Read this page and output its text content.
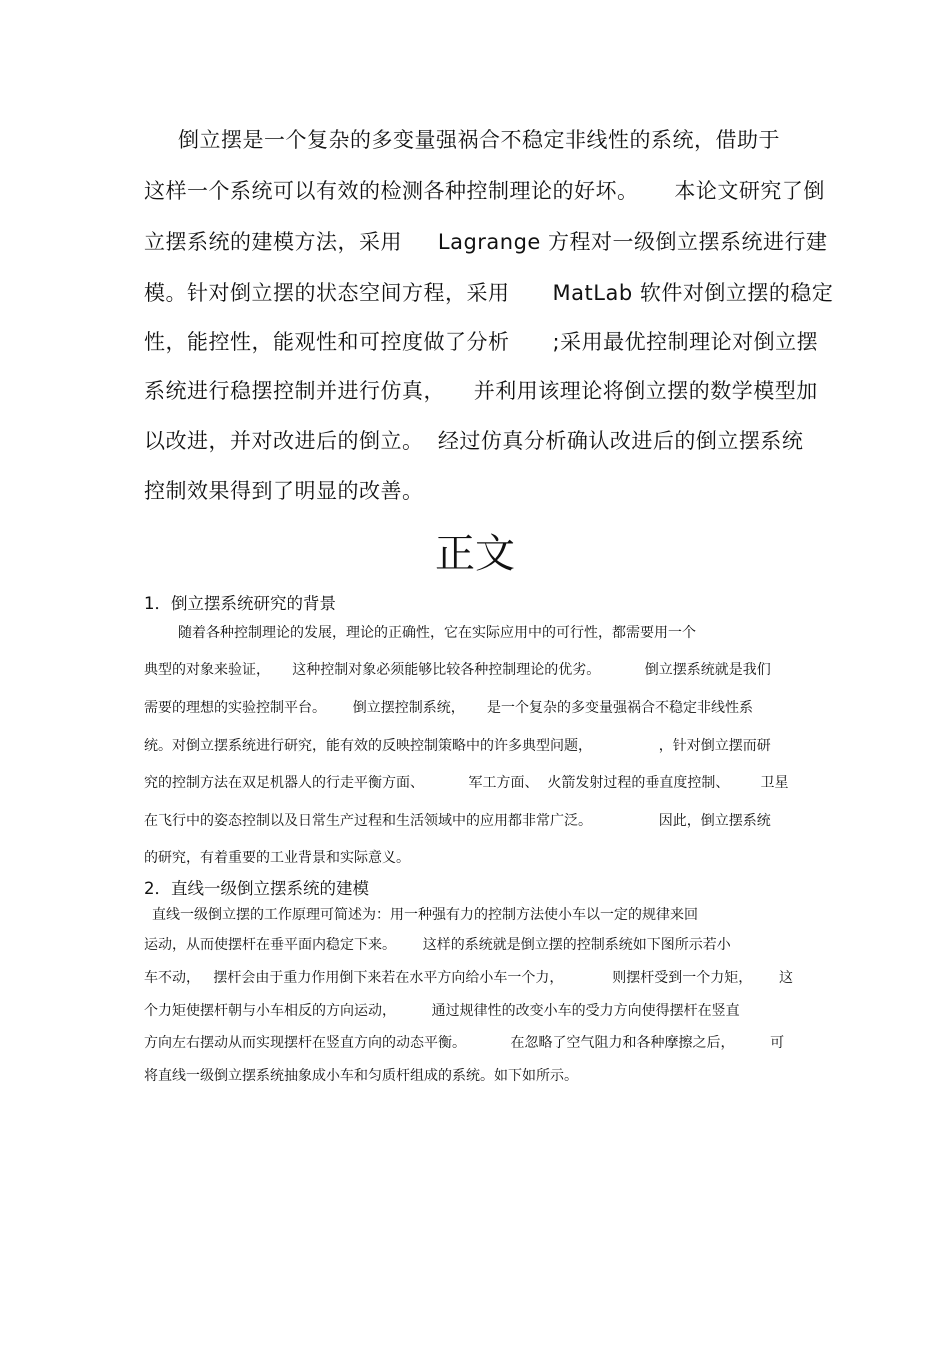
倒立摆是一个复杂的多变量强祸合不稳定非线性的系统，借助于
这样一个系统可以有效的检测各种控制理论的好坏。     本论文研究了倒
立摆系统的建模方法，采用     Lagrange 方程对一级倒立摆系统进行建
模。针对倒立摆的状态空间方程，采用      MatLab 软件对倒立摆的稳定
性，能控性，能观性和可控度做了分析      ;采用最优控制理论对倒立摆
系统进行稳摆控制并进行仿真，    并利用该理论将倒立摆的数学模型加
以改进，并对改进后的倒立。  经过仿真分析确认改进后的倒立摆系统
控制效果得到了明显的改善。
正文
1．倒立摆系统研究的背景
随着各种控制理论的发展，理论的正确性，它在实际应用中的可行性，都需要用一个
典型的对象来验证，     这种控制对象必须能够比较各种控制理论的优劣。          倒立摆系统就是我们
需要的理想的实验控制平台。      倒立摆控制系统，     是一个复杂的多变量强祸合不稳定非线性系
统。对倒立摆系统进行研究，能有效的反映控制策略中的许多典型问题，               ，针对倒立摆而研
究的控制方法在双足机器人的行走平衡方面、          军工方面、  火箭发射过程的垂直度控制、       卫星
在飞行中的姿态控制以及日常生产过程和生活领域中的应用都非常广泛。               因此，倒立摆系统
的研究，有着重要的工业背景和实际意义。
2．直线一级倒立摆系统的建模
直线一级倒立摆的工作原理可简述为：用一种强有力的控制方法使小车以一定的规律来回
运动，从而使摆杆在垂平面内稳定下来。      这样的系统就是倒立摆的控制系统如下图所示若小
车不动，   摆杆会由于重力作用倒下来若在水平方向给小车一个力，           则摆杆受到一个力矩，      这
个力矩使摆杆朝与小车相反的方向运动，        通过规律性的改变小车的受力方向使得摆杆在竖直
方向左右摆动从而实现摆杆在竖直方向的动态平衡。          在忽略了空气阻力和各种摩擦之后，        可
将直线一级倒立摆系统抽象成小车和匀质杆组成的系统。如下如所示。
